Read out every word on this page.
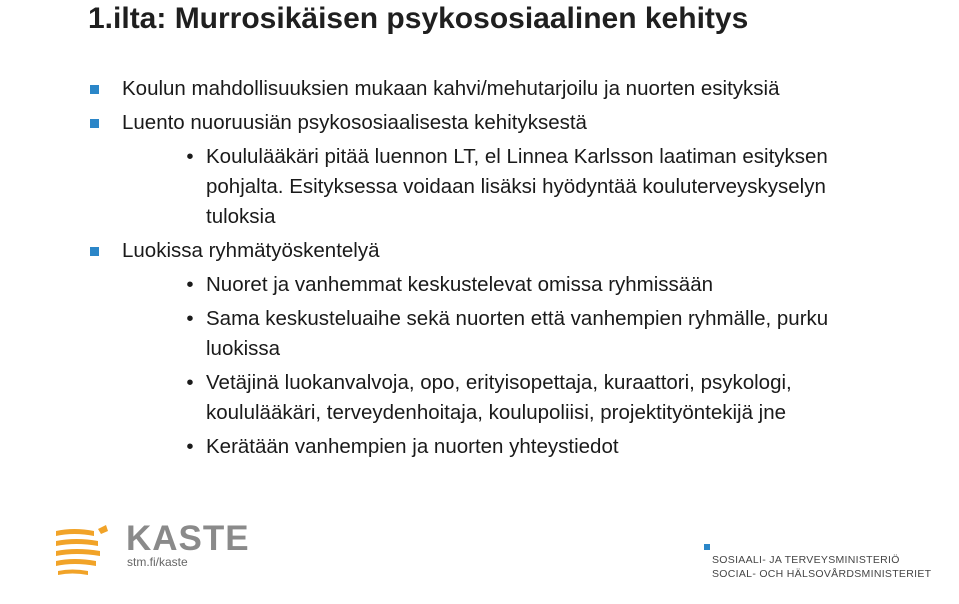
1.ilta: Murrosikäisen psykososiaalinen kehitys
Koulun mahdollisuuksien mukaan kahvi/mehutarjoilu ja nuorten esityksiä
Luento nuoruusiän psykososiaalisesta kehityksestä
• Koululääkäri pitää luennon LT, el Linnea Karlsson laatiman esityksen pohjalta. Esityksessa voidaan lisäksi hyödyntää kouluterveyskyselyn tuloksia
Luokissa ryhmätyöskentelyä
• Nuoret ja vanhemmat keskustelevat omissa ryhmissään
• Sama keskusteluaihe sekä nuorten että vanhempien ryhmälle, purku luokissa
• Vetäjinä luokanvalvoja, opo, erityisopettaja, kuraattori, psykologi, koululääkäri, terveydenhoitaja, koulupoliisi, projektityöntekijä jne
• Kerätään vanhempien ja nuorten yhteystiedot
KASTE
stm.fi/kaste	SOSIAALI- JA TERVEYSMINISTERIÖ
SOCIAL- OCH HÄLSOVÅRDSMINISTERIET
